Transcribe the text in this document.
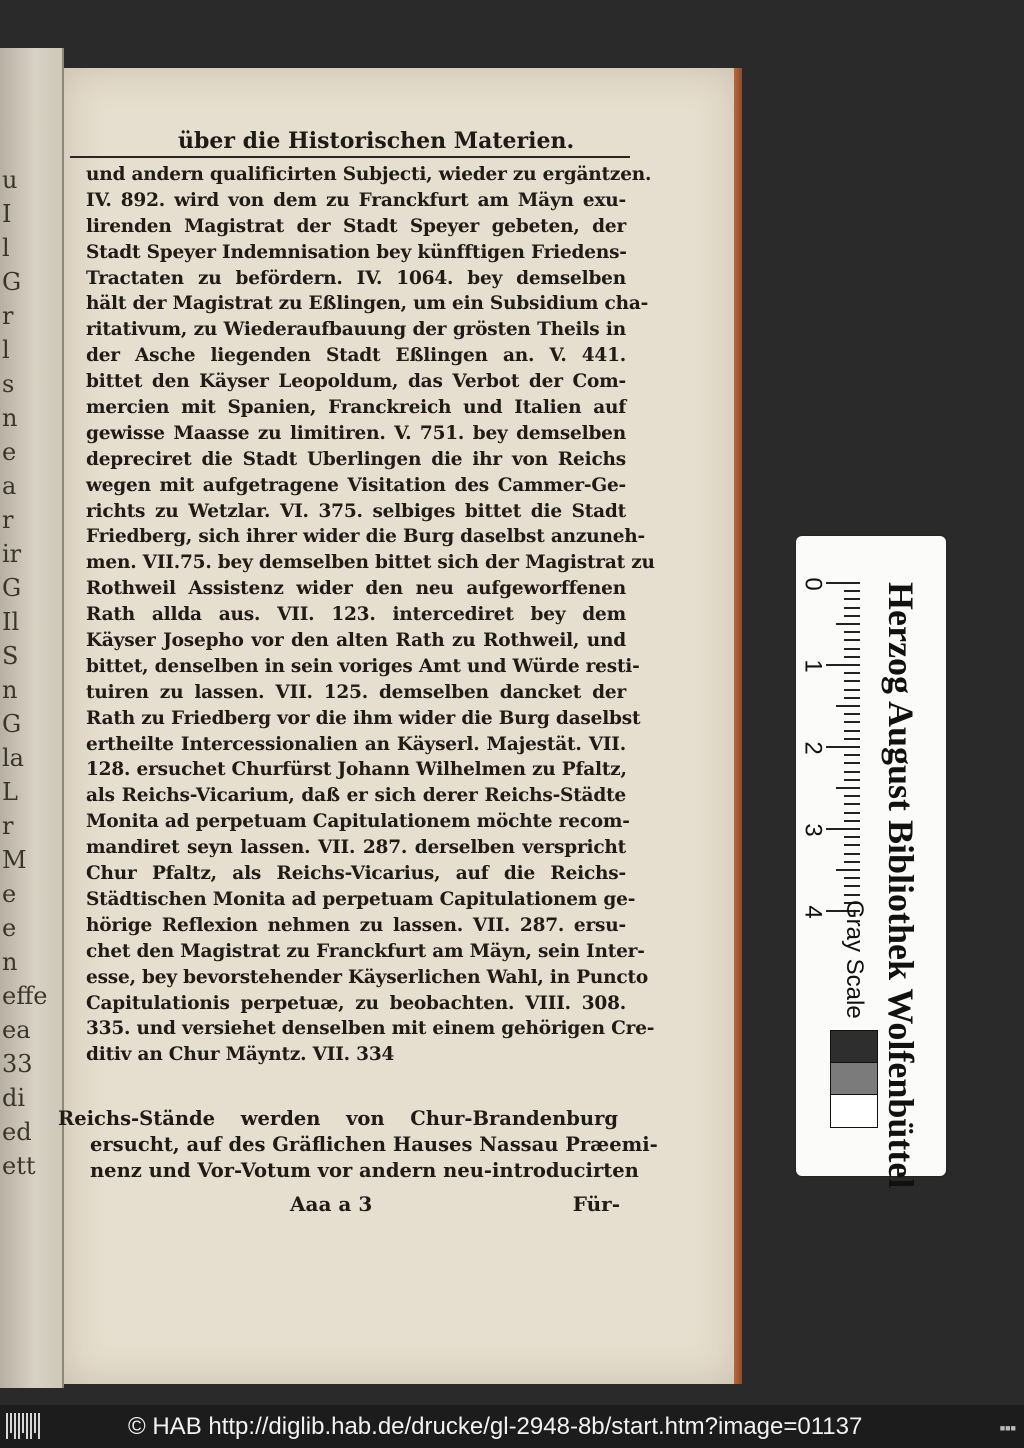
u
I
l
G
r
l
s
n
e
a
r
ir
G
Il
S
n
G
la
L
r
M
e
e
n
effe
ea
33
di
ed
ett
über die Historischen Materien.
und andern qualificirten Subjecti, wieder zu ergäntzen.
IV. 892. wird von dem zu Franckfurt am Mäyn exu-
lirenden Magistrat der Stadt Speyer gebeten, der
Stadt Speyer Indemnisation bey künfftigen Friedens-
Tractaten zu befördern. IV. 1064. bey demselben
hält der Magistrat zu Eßlingen, um ein Subsidium cha-
ritativum, zu Wiederaufbauung der grösten Theils in
der Asche liegenden Stadt Eßlingen an. V. 441.
bittet den Käyser Leopoldum, das Verbot der Com-
mercien mit Spanien, Franckreich und Italien auf
gewisse Maasse zu limitiren. V. 751. bey demselben
depreciret die Stadt Uberlingen die ihr von Reichs
wegen mit aufgetragene Visitation des Cammer-Ge-
richts zu Wetzlar. VI. 375. selbiges bittet die Stadt
Friedberg, sich ihrer wider die Burg daselbst anzuneh-
men. VII.75. bey demselben bittet sich der Magistrat zu
Rothweil Assistenz wider den neu aufgeworffenen
Rath allda aus. VII. 123. intercediret bey dem
Käyser Josepho vor den alten Rath zu Rothweil, und
bittet, denselben in sein voriges Amt und Würde resti-
tuiren zu lassen. VII. 125. demselben dancket der
Rath zu Friedberg vor die ihm wider die Burg daselbst
ertheilte Intercessionalien an Käyserl. Majestät. VII.
128. ersuchet Churfürst Johann Wilhelmen zu Pfaltz,
als Reichs-Vicarium, daß er sich derer Reichs-Städte
Monita ad perpetuam Capitulationem möchte recom-
mandiret seyn lassen. VII. 287. derselben verspricht
Chur Pfaltz, als Reichs-Vicarius, auf die Reichs-
Städtischen Monita ad perpetuam Capitulationem ge-
hörige Reflexion nehmen zu lassen. VII. 287. ersu-
chet den Magistrat zu Franckfurt am Mäyn, sein Inter-
esse, bey bevorstehender Käyserlichen Wahl, in Puncto
Capitulationis perpetuæ, zu beobachten. VIII. 308.
335. und versiehet denselben mit einem gehörigen Cre-
ditiv an Chur Mäyntz. VII. 334
Reichs-Stände werden von Chur-Brandenburg
ersucht, auf des Gräflichen Hauses Nassau Præemi-
nenz und Vor-Votum vor andern neu-introducirten
Aaa a 3	Für-
Herzog August Bibliothek Wolfenbüttel
0
1
2
3
4 Gray Scale
© HAB http://diglib.hab.de/drucke/gl-2948-8b/start.htm?image=01137	■■■
